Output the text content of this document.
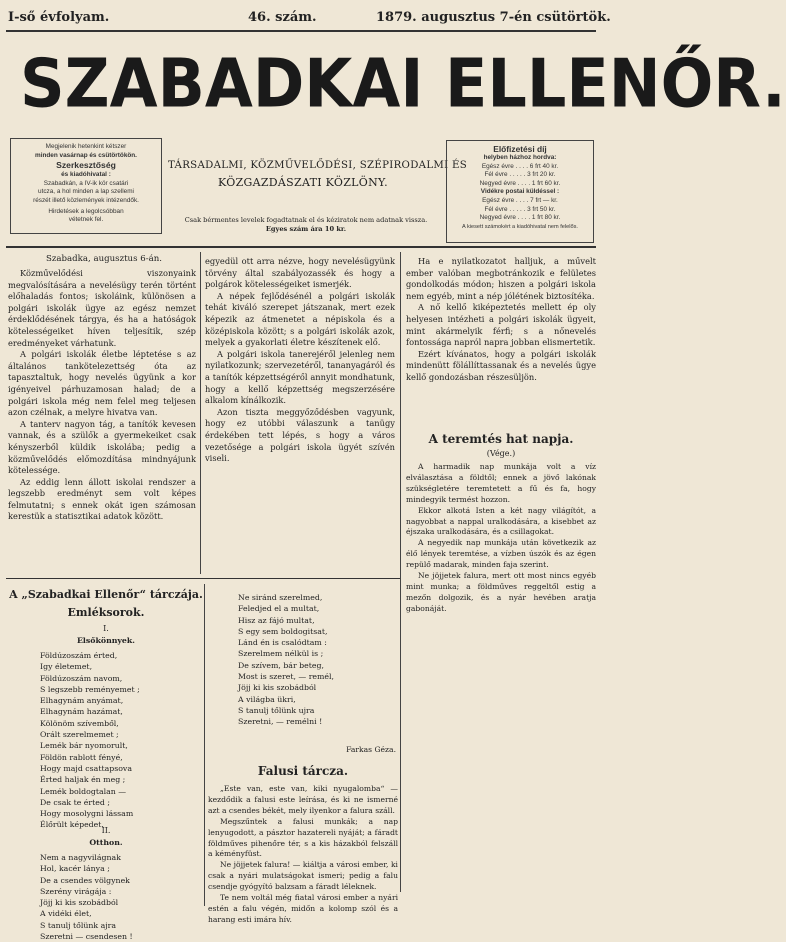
I-ső évfolyam.	46. szám.	1879. augusztus 7-én csütörtök.
SZABADKAI ELLENŐR.
Megjelenik hetenkint kétszer
minden vasárnap és csütörtökön.
Szerkesztőség
és kiadóhivatal :
Szabadkán, a IV-ik kör csatári
utcza, a hol minden a lap szellemi
részét illető közlemények intézendők.
Hirdetések a legolcsóbban
vétetnek fel.
TÁRSADALMI, KÖZMŰVELŐDÉSI, SZÉPIRODALMI ÉS
KÖZGAZDÁSZATI KÖZLÖNY.
Előfizetési díj
helyben házhoz hordva:
Egész évre . . . . 6 frt 40 kr.
Fél évre . . . . . 3 frt 20 kr.
Negyed évre . . . . 1 frt 60 kr.
Vidékre postai küldéssel :
Egész évre . . . . 7 frt — kr.
Fél évre . . . . . 3 frt 50 kr.
Negyed évre . . . . 1 frt 80 kr.
A kiesett számokért a kiadóhivatal nem felelős.
Csak bérmentes levelek fogadtatnak el és kéziratok nem adatnak vissza.
Egyes szám ára 10 kr.
Szabadka, augusztus 6-án.

Közművelődési viszonyaink megvalósítására a nevelésügy terén történt előhaladás fontos; iskoláink, különösen a polgári iskolák ügye az egész nemzet érdeklődésének tárgya, és ha a hatóságok kötelességeiket híven teljesítik, szép eredményeket várhatunk.

A polgári iskolák életbe léptetése s az általános tankötelezettség óta az tapasztaltuk, hogy nevelés ügyünk a kor igényeivel párhuzamosan halad; de a polgári iskola még nem felel meg teljesen azon czélnak, a melyre hivatva van.

A tanterv nagyon tág, a tanítók kevesen vannak, és a szülők a gyermekeiket csak kényszerből küldik iskolába; pedig a közművelődés előmozdítása mindnyájunk kötelessége.

Az eddig lenn állott iskolai rendszer a legszebb eredményt sem volt képes felmutatni; s ennek okát igen számosan kerestük a statisztikai adatok között.

egyedül ott arra nézve, hogy nevelésügyünk törvény által szabályozassék és hogy a polgárok kötelességeiket ismerjék.

A népek fejlődésénél a polgári iskolák tehát kiváló szerepet játszanak, mert ezek képezik az átmenetet a népiskola és a középiskola között; s a polgári iskolák azok, melyek a gyakorlati életre készítenek elő.

A polgári iskola tanerejéről jelenleg nem nyilatkozunk; szervezetéről, tananyagáról és a tanítók képzettségéről annyit mondhatunk, hogy a kellő képzettség megszerzésére alkalom kínálkozik.

Azon tiszta meggyőződésben vagyunk, hogy ez utóbbi válaszunk a tanügy érdekében tett lépés, s hogy a város vezetősége a polgári iskola ügyét szívén viseli.

Ha e nyilatkozatot halljuk, a művelt ember valóban megbotránkozik e felületes gondolkodás módon; hiszen a polgári iskola nem egyéb, mint a nép jólétének biztosítéka.

A nő kellő kiképeztetés mellett ép oly helyesen intézheti a polgári iskolák ügyeit, mint akármelyik férfi; s a nőnevelés fontossága napról napra jobban elismertetik.

Ezért kívánatos, hogy a polgári iskolák mindenütt fölállíttassanak és a nevelés ügye kellő gondozásban részesüljön.

A teremtés hat napja.
(Vége.)

A harmadik nap munkája volt a víz elválasztása a földtől; ennek a jövő lakónak szükségletére teremtetett a fű és fa, hogy mindegyik termést hozzon.

Ekkor alkotá Isten a két nagy világítót, a nagyobbat a nappal uralkodására, a kisebbet az éjszaka uralkodására, és a csillagokat.

A negyedik nap munkája után következik az élő lények teremtése, a vízben úszók és az égen repülő madarak, minden faja szerint.

Ne jöjjetek falura, mert ott most nincs egyéb mint munka; a földműves reggeltől estig a mezőn dolgozik, és a nyár hevében aratja gabonáját.

A „Szabadkai Ellenőr“ tárczája.
Emléksorok.
I.
Elsőkönnyek.
Földúzoszám érted,
Igy életemet,
Földúzoszám navom,
S legszebb reményemet ;
Elhagynám anyámat,
Elhagynám hazámat,
Kölönöm szívemből,
Orált szerelmemet ;
Lemék bár nyomorult,
Földön rablott fényé,
Hogy majd csattapsova
Érted haljak én meg ;
Lemék boldogtalan —
De csak te érted ;
Hogy mosolygni lássam
Élőrült képedet.
II.
Otthon.
Nem a nagyvilágnak
Hol, kacér lánya ;
De a csendes völgynek
Szerény virágája :
Jöjj ki kis szobádból
A vidéki élet,
S tanulj tőlünk ajra
Szeretni — csendesen !
Ne siránd szerelmed,
Feledjed el a multat,
Hisz az fájó multat,
S egy sem boldogitsat,
Lánd én is csalódtam :
Szerelmem nélkül is ;
De szívem, bár beteg,
Most is szeret, — remél,
Jöjj ki kis szobádból
A világba ükri,
S tanulj tőlünk ujra
Szeretni, — remélni !
Farkas Géza.
Falusi tárcza.

„Este van, este van, kiki nyugalomba“ — kezdődik a falusi este leírása, és ki ne ismerné azt a csendes békét, mely ilyenkor a falura száll.

Megszűntek a falusi munkák; a nap lenyugodott, a pásztor hazatereli nyáját; a fáradt földműves pihenőre tér, s a kis házakból felszáll a kéményfüst.

Ne jöjjetek falura! — kiáltja a városi ember, ki csak a nyári mulatságokat ismeri; pedig a falu csendje gyógyító balzsam a fáradt léleknek.

Te nem voltál még fiatal városi ember a nyári estén a falu végén, midőn a kolomp szól és a harang esti imára hív.
